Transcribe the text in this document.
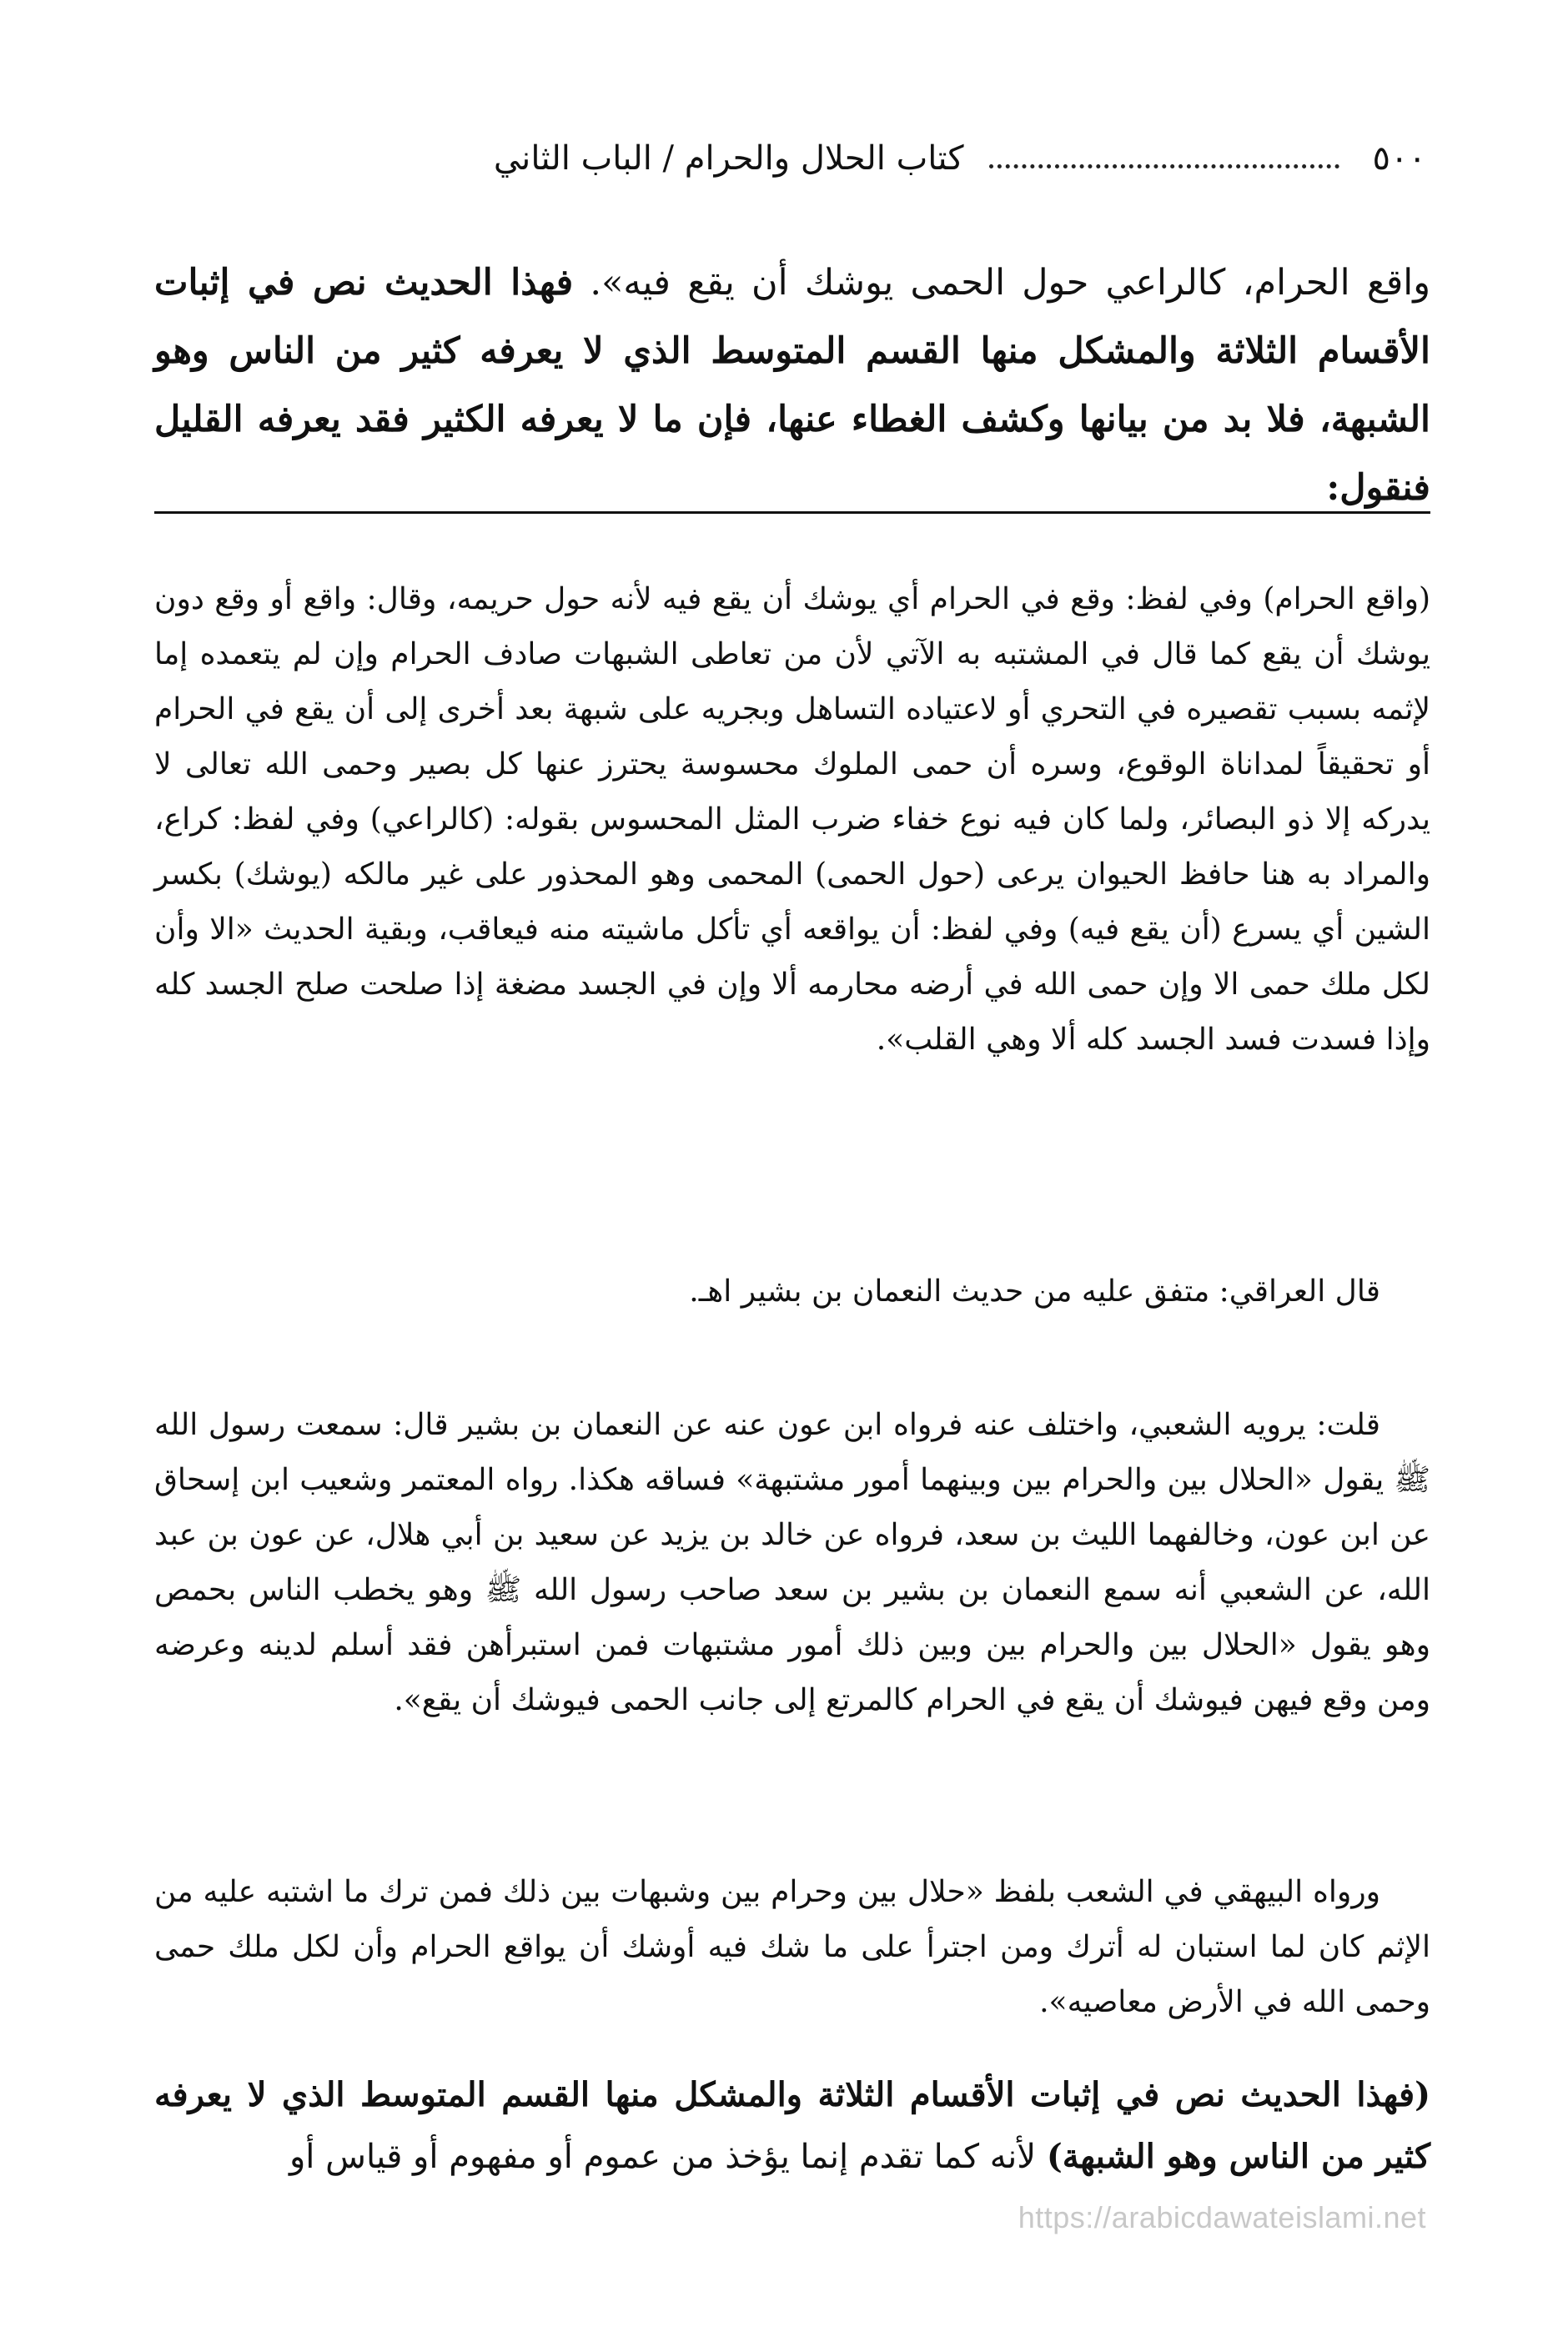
٥٠٠
كتاب الحلال والحرام / الباب الثاني
واقع الحرام، كالراعي حول الحمى يوشك أن يقع فيه». فهذا الحديث نص في إثبات الأقسام الثلاثة والمشكل منها القسم المتوسط الذي لا يعرفه كثير من الناس وهو الشبهة، فلا بد من بيانها وكشف الغطاء عنها، فإن ما لا يعرفه الكثير فقد يعرفه القليل فنقول:

(واقع الحرام) وفي لفظ: وقع في الحرام أي يوشك أن يقع فيه لأنه حول حريمه، وقال: واقع أو وقع دون يوشك أن يقع كما قال في المشتبه به الآتي لأن من تعاطى الشبهات صادف الحرام وإن لم يتعمده إما لإثمه بسبب تقصيره في التحري أو لاعتياده التساهل وبجريه على شبهة بعد أخرى إلى أن يقع في الحرام أو تحقيقاً لمداناة الوقوع، وسره أن حمى الملوك محسوسة يحترز عنها كل بصير وحمى الله تعالى لا يدركه إلا ذو البصائر، ولما كان فيه نوع خفاء ضرب المثل المحسوس بقوله: (كالراعي) وفي لفظ: كراع، والمراد به هنا حافظ الحيوان يرعى (حول الحمى) المحمى وهو المحذور على غير مالكه (يوشك) بكسر الشين أي يسرع (أن يقع فيه) وفي لفظ: أن يواقعه أي تأكل ماشيته منه فيعاقب، وبقية الحديث «الا وأن لكل ملك حمى الا وإن حمى الله في أرضه محارمه ألا وإن في الجسد مضغة إذا صلحت صلح الجسد كله وإذا فسدت فسد الجسد كله ألا وهي القلب».

قال العراقي: متفق عليه من حديث النعمان بن بشير اهـ.

قلت: يرويه الشعبي، واختلف عنه فرواه ابن عون عنه عن النعمان بن بشير قال: سمعت رسول الله ﷺ يقول «الحلال بين والحرام بين وبينهما أمور مشتبهة» فساقه هكذا. رواه المعتمر وشعيب ابن إسحاق عن ابن عون، وخالفهما الليث بن سعد، فرواه عن خالد بن يزيد عن سعيد بن أبي هلال، عن عون بن عبد الله، عن الشعبي أنه سمع النعمان بن بشير بن سعد صاحب رسول الله ﷺ وهو يخطب الناس بحمص وهو يقول «الحلال بين والحرام بين وبين ذلك أمور مشتبهات فمن استبرأهن فقد أسلم لدينه وعرضه ومن وقع فيهن فيوشك أن يقع في الحرام كالمرتع إلى جانب الحمى فيوشك أن يقع».

ورواه البيهقي في الشعب بلفظ «حلال بين وحرام بين وشبهات بين ذلك فمن ترك ما اشتبه عليه من الإثم كان لما استبان له أترك ومن اجترأ على ما شك فيه أوشك أن يواقع الحرام وأن لكل ملك حمى وحمى الله في الأرض معاصيه».

(فهذا الحديث نص في إثبات الأقسام الثلاثة والمشكل منها القسم المتوسط الذي لا يعرفه كثير من الناس وهو الشبهة) لأنه كما تقدم إنما يؤخذ من عموم أو مفهوم أو قياس أو
https://arabicdawateislami.net
